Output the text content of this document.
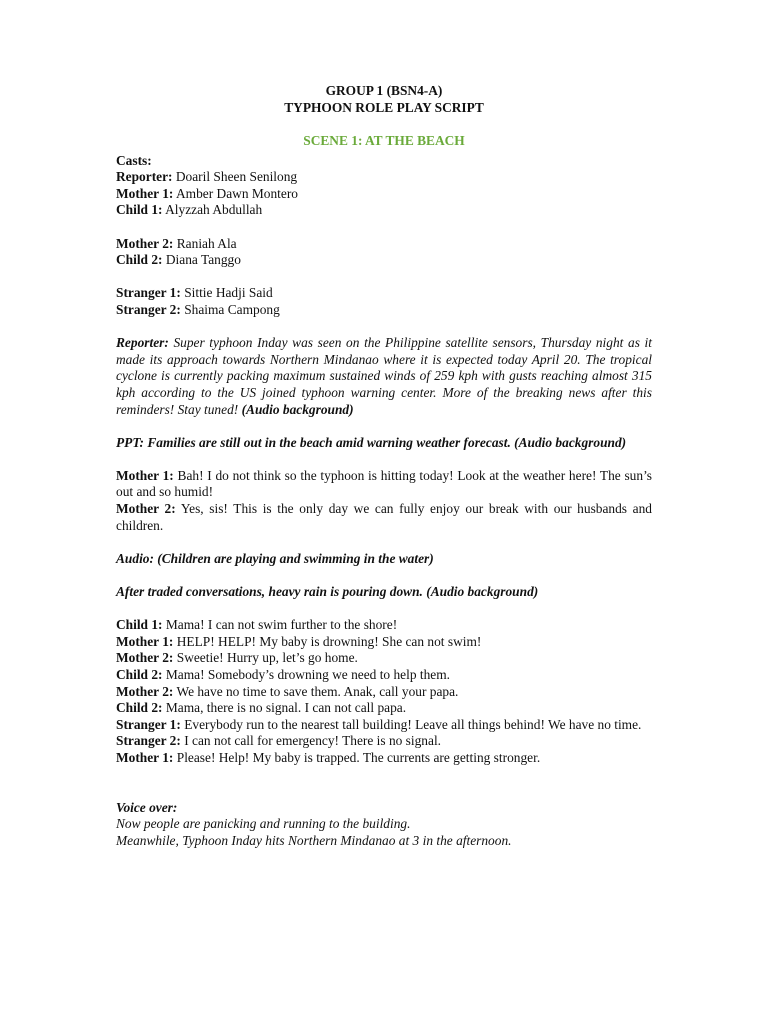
GROUP 1 (BSN4-A)
TYPHOON ROLE PLAY SCRIPT
SCENE 1: AT THE BEACH

Casts:

Reporter: Doaril Sheen Senilong

Mother 1: Amber Dawn Montero

Child 1: Alyzzah Abdullah

Mother 2: Raniah Ala

Child 2: Diana Tanggo

Stranger 1: Sittie Hadji Said

Stranger 2: Shaima Campong

Reporter: Super typhoon Inday was seen on the Philippine satellite sensors, Thursday night as it made its approach towards Northern Mindanao where it is expected today April 20. The tropical cyclone is currently packing maximum sustained winds of 259 kph with gusts reaching almost 315 kph according to the US joined typhoon warning center. More of the breaking news after this reminders! Stay tuned! (Audio background)

PPT: Families are still out in the beach amid warning weather forecast. (Audio background)

Mother 1: Bah! I do not think so the typhoon is hitting today! Look at the weather here! The sun’s out and so humid!

Mother 2: Yes, sis! This is the only day we can fully enjoy our break with our husbands and children.

Audio: (Children are playing and swimming in the water)

After traded conversations, heavy rain is pouring down. (Audio background)

Child 1: Mama! I can not swim further to the shore!

Mother 1: HELP! HELP! My baby is drowning! She can not swim!

Mother 2: Sweetie! Hurry up, let’s go home.

Child 2: Mama! Somebody’s drowning we need to help them.

Mother 2: We have no time to save them. Anak, call your papa.

Child 2: Mama, there is no signal. I can not call papa.

Stranger 1: Everybody run to the nearest tall building! Leave all things behind! We have no time.

Stranger 2: I can not call for emergency! There is no signal.

Mother 1: Please! Help! My baby is trapped. The currents are getting stronger.

Voice over:

Now people are panicking and running to the building.

Meanwhile, Typhoon Inday hits Northern Mindanao at 3 in the afternoon.
